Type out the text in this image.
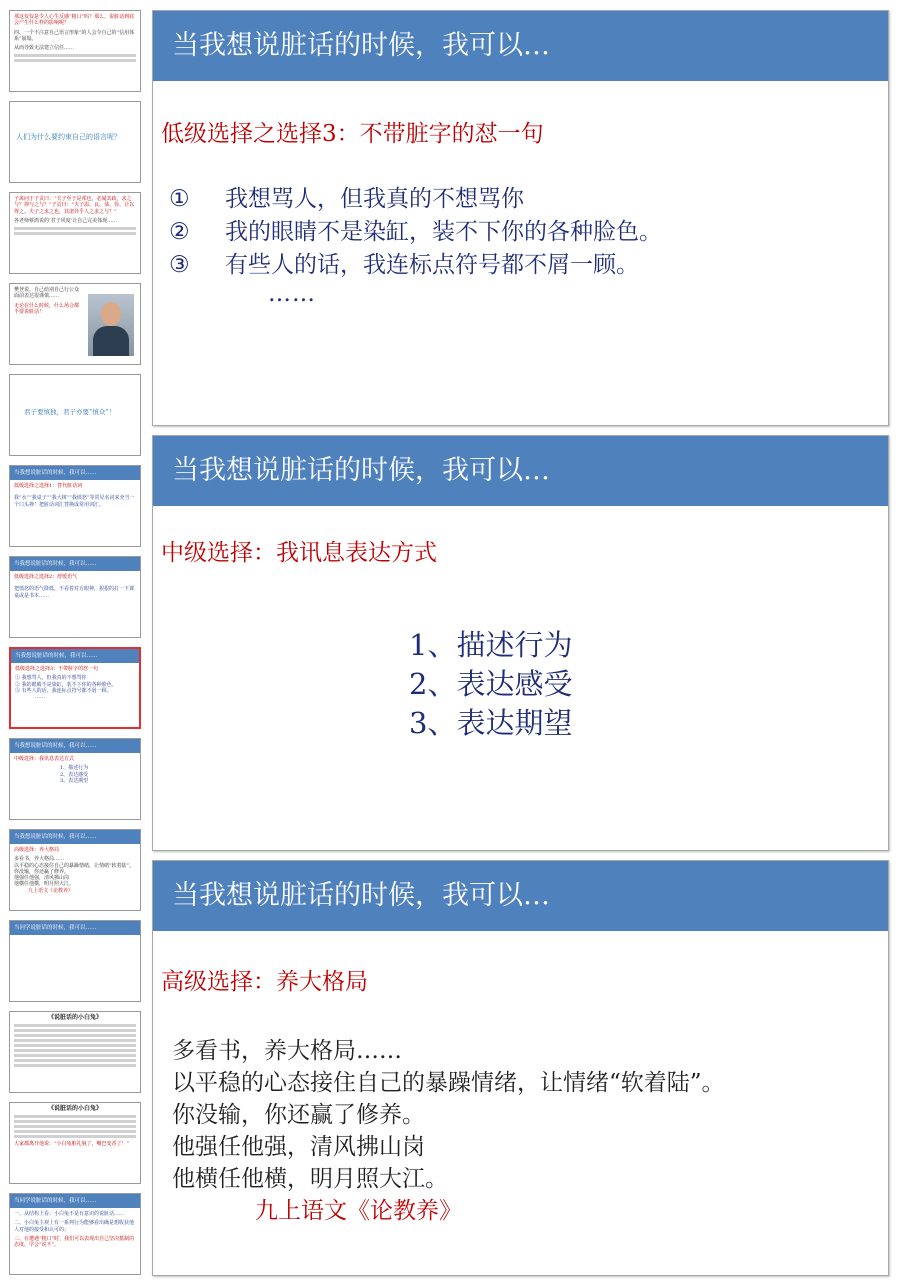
那这仅仅是令人心生反感“粗口”吗？那么，说脏话到底会产生什么样的影响呢？
四、一个不注意自己语言形象“的人会令自己的“信用体系”崩塌。
从而导致无法建立信任……
人们为什么要约束自己的语言呢？
子禽问于子贡曰：“夫子至于是邦也，必闻其政，求之与？抑与之与？”子贡曰：“夫子温、良、恭、俭、让以得之。夫子之求之也，其诸异乎人之求之与？”
各老师蔡鸿说的‘君子风度’让自己完美体现……
樊登说，自己给别自己行公众面前表达很谨慎……
无论在什么时候，什么场合都不要说脏话！
君子要慎独，君子亦要“慎众”！
当我想说脏话的时候，我可以……
低级选择之选择1：替代脏话词
我“水”“我桌子”“我大树”“我愤怒”等常见名词来充当一个口头禅！把脏话词汇替换成常用词汇。
当我想说脏话的时候，我可以……
低级选择之选择2：舒缓语气
把愤怒的语气降低，不看着对方眼神，狠狠的打一下课桌或是书本……
当我想说脏话的时候，我可以……
低级选择之选择3：不带脏字的怼一句
① 我想骂人，但我真的不想骂你
② 我的眼睛不是染缸，装不下你的各种脸色。
③ 有些人的话，我连标点符号都不屑一顾。
……
当我想说脏话的时候，我可以……
中级选择：我讯息表达方式
1、描述行为
2、表达感受
3、表达期望
当我想说脏话的时候，我可以……
高级选择：养大格局
多看书，养大格局……
以平稳的心态接住自己的暴躁情绪，让情绪“软着陆”。
你没输，你还赢了修养。
他强任他强，清风拂山岗
他横任他横，明月照大江。
九上语文《论教养》
当同学说脏话的时候，我可以……
《说脏话的小白兔》
《说脏话的小白兔》
大家都离开他说：“小白兔脏礼貌了，嘴巴变香了！”
当同学说脏话的时候，我可以……
一、从结构上看：小白兔不是有意识的说脏话……
二、小白兔主观上有一系列行为能够看出确是想收获他人对他的接受和认可的；
三、在遭遇“粗口”时，我们可以表现出自己坚决抵制的态度，学会“说不”。
当我想说脏话的时候，我可以…
低级选择之选择3：不带脏字的怼一句
① 我想骂人，但我真的不想骂你
② 我的眼睛不是染缸，装不下你的各种脸色。
③ 有些人的话，我连标点符号都不屑一顾。
……
当我想说脏话的时候，我可以…
中级选择：我讯息表达方式
1、描述行为
2、表达感受
3、表达期望
当我想说脏话的时候，我可以…
高级选择：养大格局
多看书，养大格局……
以平稳的心态接住自己的暴躁情绪，让情绪“软着陆”。
你没输，你还赢了修养。
他强任他强，清风拂山岗
他横任他横，明月照大江。
九上语文《论教养》
